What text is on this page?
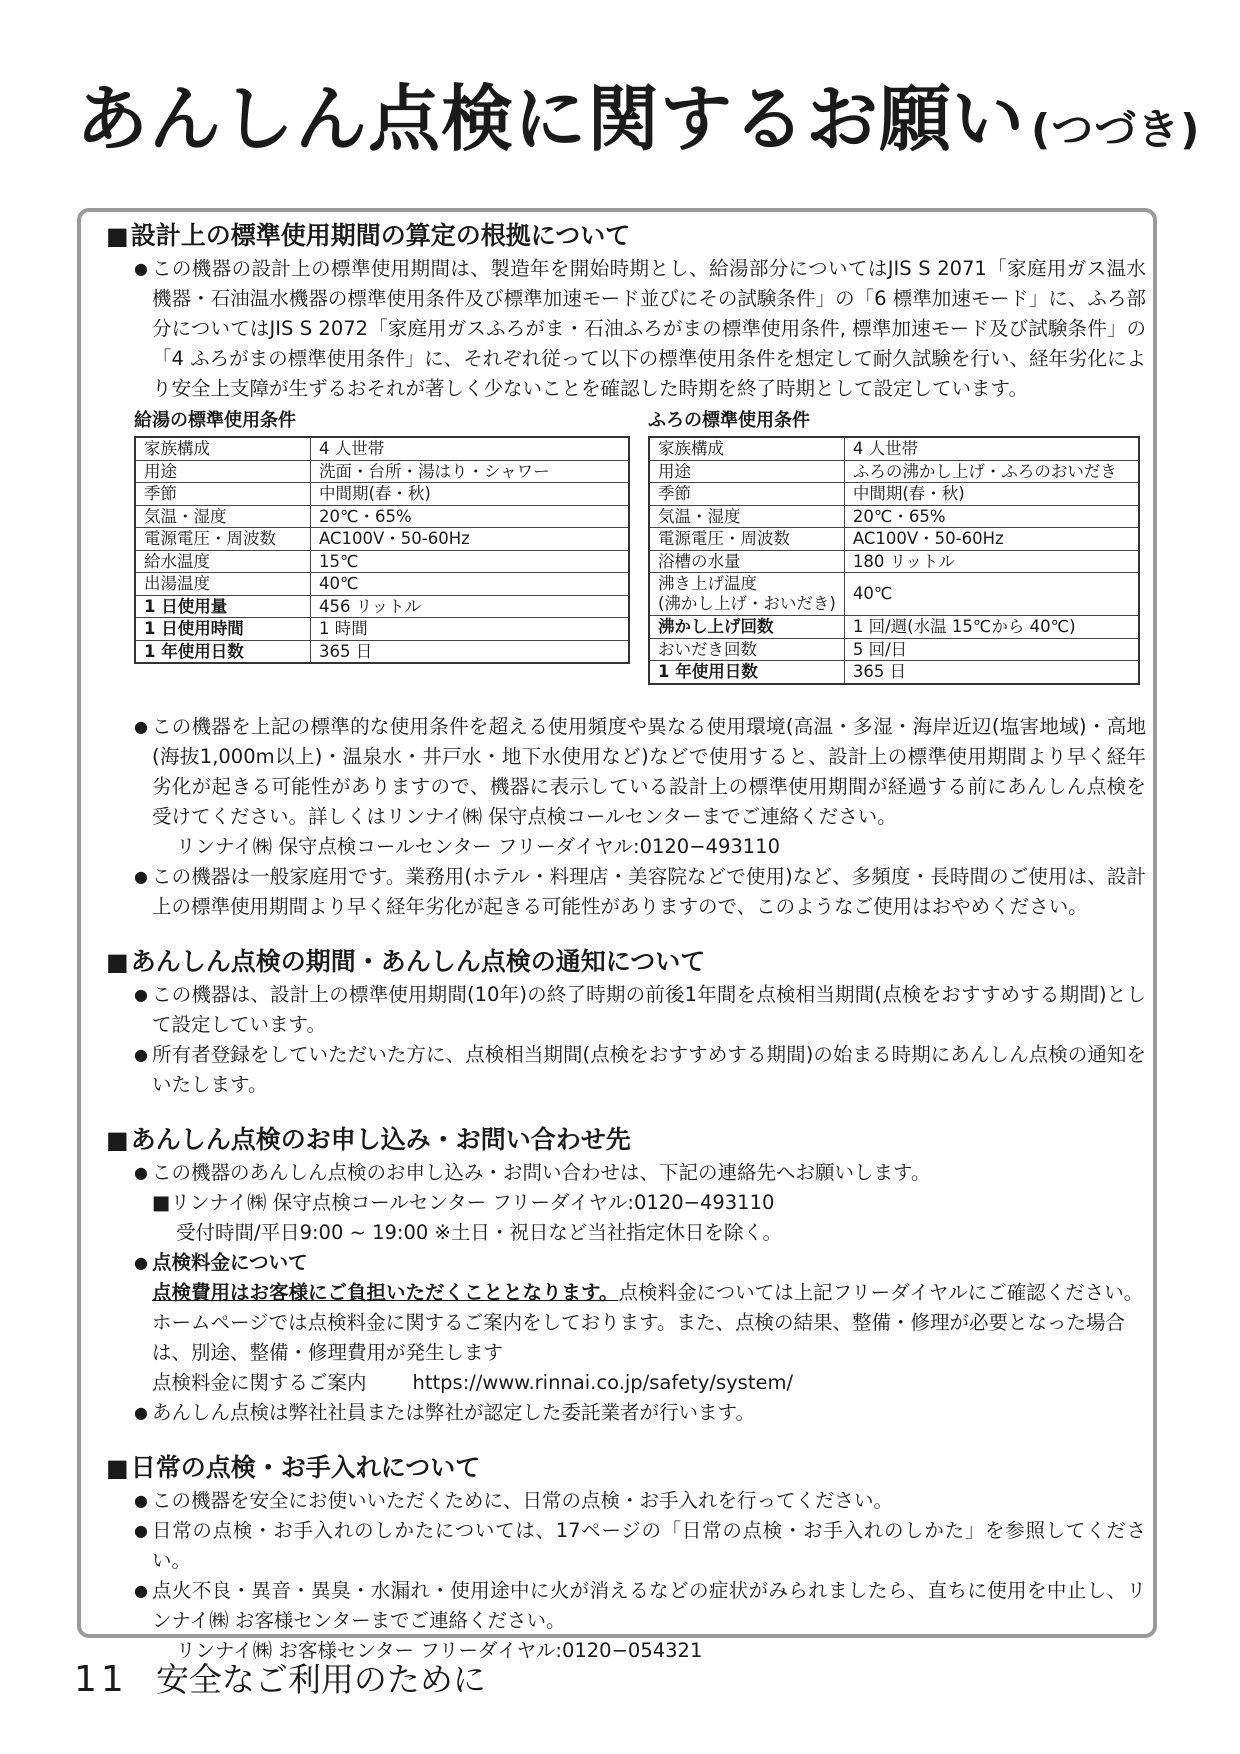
あんしん点検に関するお願い (つづき)
■設計上の標準使用期間の算定の根拠について

● この機器の設計上の標準使用期間は、製造年を開始時期とし、給湯部分についてはJIS S 2071「家庭用ガス温水機器・石油温水機器の標準使用条件及び標準加速モード並びにその試験条件」の「6 標準加速モード」に、ふろ部分についてはJIS S 2072「家庭用ガスふろがま・石油ふろがまの標準使用条件, 標準加速モード及び試験条件」の「4 ふろがまの標準使用条件」に、それぞれ従って以下の標準使用条件を想定して耐久試験を行い、経年劣化により安全上支障が生ずるおそれが著しく少ないことを確認した時期を終了時期として設定しています。

給湯の標準使用条件
家族構成	4 人世帯
用途	洗面・台所・湯はり・シャワー
季節	中間期(春・秋)
気温・湿度	20℃・65%
電源電圧・周波数	AC100V・50-60Hz
給水温度	15℃
出湯温度	40℃
1 日使用量	456 リットル
1 日使用時間	1 時間
1 年使用日数	365 日
ふろの標準使用条件
家族構成	4 人世帯
用途	ふろの沸かし上げ・ふろのおいだき
季節	中間期(春・秋)
気温・湿度	20℃・65%
電源電圧・周波数	AC100V・50-60Hz
浴槽の水量	180 リットル
沸き上げ温度
(沸かし上げ・おいだき)	40℃
沸かし上げ回数	1 回/週(水温 15℃から 40℃)
おいだき回数	5 回/日
1 年使用日数	365 日

● この機器を上記の標準的な使用条件を超える使用頻度や異なる使用環境(高温・多湿・海岸近辺(塩害地域)・高地(海抜1,000m以上)・温泉水・井戸水・地下水使用など)などで使用すると、設計上の標準使用期間より早く経年劣化が起きる可能性がありますので、機器に表示している設計上の標準使用期間が経過する前にあんしん点検を受けてください。詳しくはリンナイ㈱ 保守点検コールセンターまでご連絡ください。

リンナイ㈱ 保守点検コールセンター フリーダイヤル:0120−493110

● この機器は一般家庭用です。業務用(ホテル・料理店・美容院などで使用)など、多頻度・長時間のご使用は、設計上の標準使用期間より早く経年劣化が起きる可能性がありますので、このようなご使用はおやめください。

■あんしん点検の期間・あんしん点検の通知について

● この機器は、設計上の標準使用期間(10年)の終了時期の前後1年間を点検相当期間(点検をおすすめする期間)として設定しています。

● 所有者登録をしていただいた方に、点検相当期間(点検をおすすめする期間)の始まる時期にあんしん点検の通知をいたします。

■あんしん点検のお申し込み・お問い合わせ先

● この機器のあんしん点検のお申し込み・お問い合わせは、下記の連絡先へお願いします。

■リンナイ㈱ 保守点検コールセンター フリーダイヤル:0120−493110

受付時間/平日9:00 ~ 19:00 ※土日・祝日など当社指定休日を除く。

● 点検料金について

点検費用はお客様にご負担いただくこととなります。点検料金については上記フリーダイヤルにご確認ください。ホームページでは点検料金に関するご案内をしております。また、点検の結果、整備・修理が必要となった場合は、別途、整備・修理費用が発生します

点検料金に関するご案内 https://www.rinnai.co.jp/safety/system/

● あんしん点検は弊社社員または弊社が認定した委託業者が行います。

■日常の点検・お手入れについて

● この機器を安全にお使いいただくために、日常の点検・お手入れを行ってください。

● 日常の点検・お手入れのしかたについては、17ページの「日常の点検・お手入れのしかた」を参照してください。

● 点火不良・異音・異臭・水漏れ・使用途中に火が消えるなどの症状がみられましたら、直ちに使用を中止し、リンナイ㈱ お客様センターまでご連絡ください。

リンナイ㈱ お客様センター フリーダイヤル:0120−054321

11 安全なご利用のために
